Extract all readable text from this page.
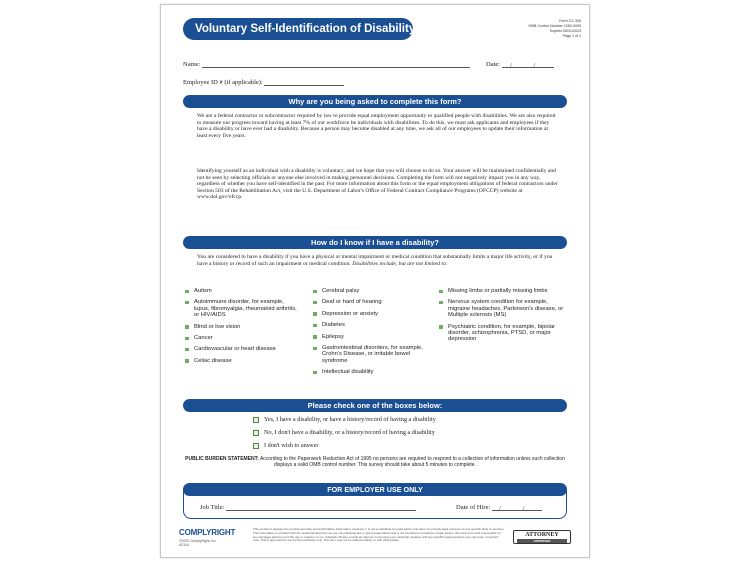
Voluntary Self-Identification of Disability
Form CC-305
OMB Control Number 1250-0005
Expires 05/31/2023
Page 1 of 1
Name:	Date: / /
Employee ID # (if applicable):
Why are you being asked to complete this form?
We are a federal contractor or subcontractor required by law to provide equal employment opportunity to qualified people with disabilities. We are also required to measure our progress toward having at least 7% of our workforce be individuals with disabilities. To do this, we must ask applicants and employees if they have a disability or have ever had a disability. Because a person may become disabled at any time, we ask all of our employees to update their information at least every five years.
Identifying yourself as an individual with a disability is voluntary, and we hope that you will choose to do so. Your answer will be maintained confidentially and not be seen by selecting officials or anyone else involved in making personnel decisions. Completing the form will not negatively impact you in any way, regardless of whether you have self-identified in the past. For more information about this form or the equal employment obligations of federal contractors under Section 503 of the Rehabilitation Act, visit the U.S. Department of Labor's Office of Federal Contract Compliance Programs (OFCCP) website at www.dol.gov/ofccp.
How do I know if I have a disability?
You are considered to have a disability if you have a physical or mental impairment or medical condition that substantially limits a major life activity, or if you have a history or record of such an impairment or medical condition. Disabilities include, but are not limited to:
Autism
Autoimmune disorder, for example, lupus, fibromyalgia, rheumatoid arthritis, or HIV/AIDS
Blind or low vision
Cancer
Cardiovascular or heart disease
Celiac disease
Cerebral palsy
Deaf or hard of hearing
Depression or anxiety
Diabetes
Epilepsy
Gastrointestinal disorders, for example, Crohn's Disease, or irritable bowel syndrome
Intellectual disability
Missing limbs or partially missing limbs
Nervous system condition for example, migraine headaches, Parkinson's disease, or Multiple sclerosis (MS)
Psychiatric condition, for example, bipolar disorder, schizophrenia, PTSD, or major depression
Please check one of the boxes below:
Yes, I have a disability, or have a history/record of having a disability
No, I don't have a disability, or a history/record of having a disability
I don't wish to answer
PUBLIC BURDEN STATEMENT: According to the Paperwork Reduction Act of 1995 no persons are required to respond to a collection of information unless such collection displays a valid OMB control number. This survey should take about 5 minutes to complete.
FOR EMPLOYER USE ONLY
Job Title:	Date of Hire: / /
COMPLYRIGHT
©2020 ComplyRight, Inc.
A2104
This product is designed to provide accurate and authoritative information. However, it is not a substitute for legal advice and does not provide legal opinions on any specific facts or services. This information is provided with the understanding that you are not practicing law or giving legal advice and is not intended to constitute a legal opinion. We cannot be held responsible for any damages arising out of the use or reliance on our materials. Please consult an attorney concerning your particular situation and any specific legal questions you may have. Important note: This is approved for use by the purchaser only. This form may not be shared publicly or with third parties.
ATTORNEY
APPROVED
